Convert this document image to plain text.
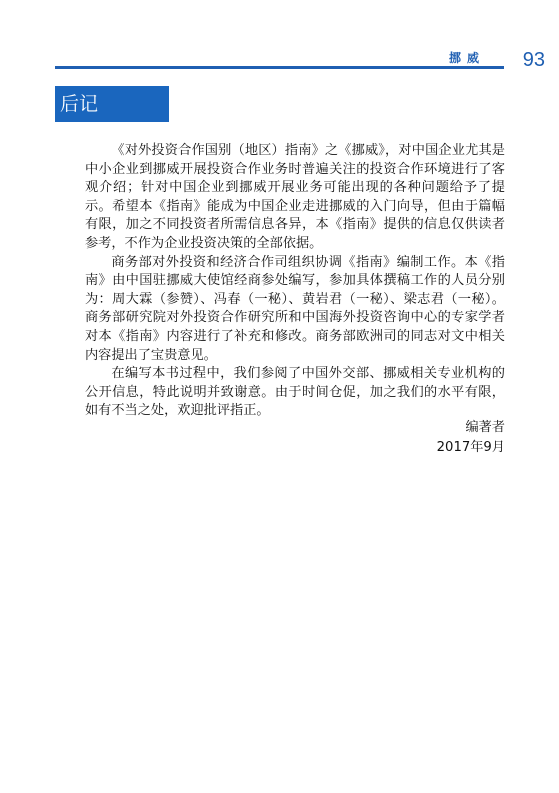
挪威 93
后记

《对外投资合作国别（地区）指南》之《挪威》，对中国企业尤其是中小企业到挪威开展投资合作业务时普遍关注的投资合作环境进行了客观介绍；针对中国企业到挪威开展业务可能出现的各种问题给予了提示。希望本《指南》能成为中国企业走进挪威的入门向导，但由于篇幅有限，加之不同投资者所需信息各异，本《指南》提供的信息仅供读者参考，不作为企业投资决策的全部依据。

商务部对外投资和经济合作司组织协调《指南》编制工作。本《指南》由中国驻挪威大使馆经商参处编写，参加具体撰稿工作的人员分别为：周大霖（参赞）、冯春（一秘）、黄岩君（一秘）、梁志君（一秘）。商务部研究院对外投资合作研究所和中国海外投资咨询中心的专家学者对本《指南》内容进行了补充和修改。商务部欧洲司的同志对文中相关内容提出了宝贵意见。

在编写本书过程中，我们参阅了中国外交部、挪威相关专业机构的公开信息，特此说明并致谢意。由于时间仓促，加之我们的水平有限，如有不当之处，欢迎批评指正。

编著者
2017年9月
